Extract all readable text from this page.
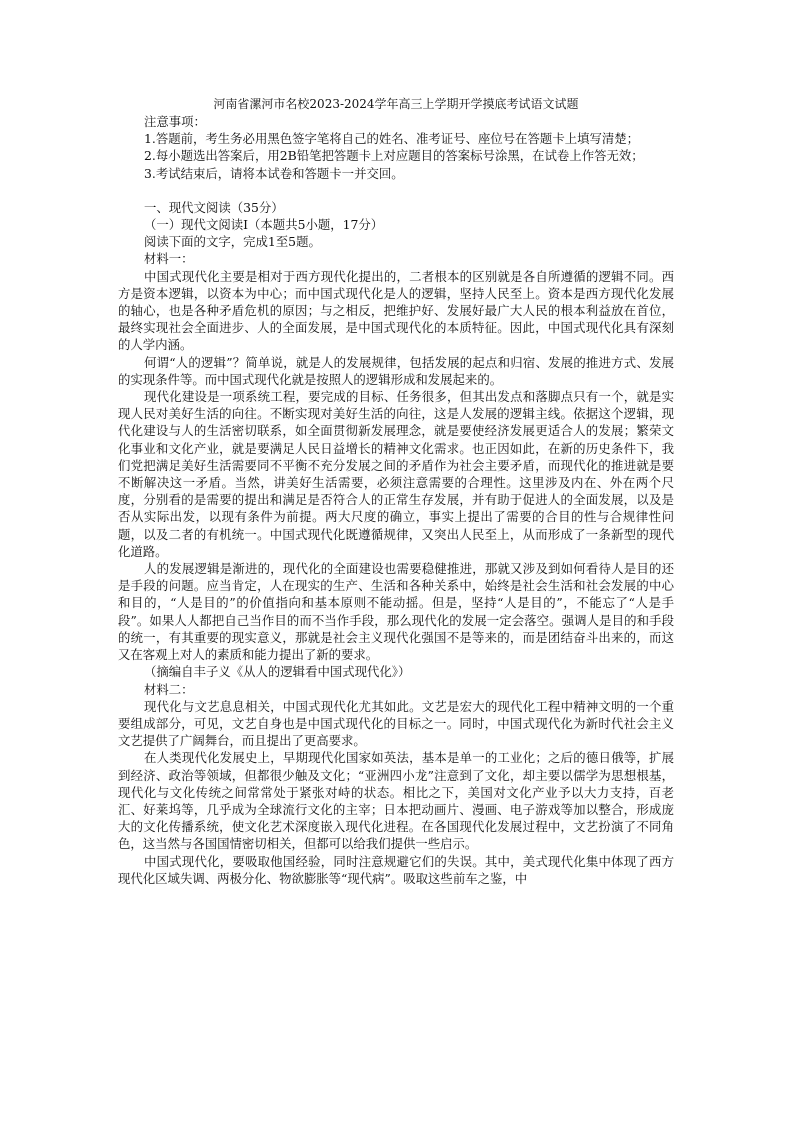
河南省漯河市名校2023-2024学年高三上学期开学摸底考试语文试题

注意事项：

1.答题前，考生务必用黑色签字笔将自己的姓名、准考证号、座位号在答题卡上填写清楚；

2.每小题选出答案后，用2B铅笔把答题卡上对应题目的答案标号涂黑，在试卷上作答无效；

3.考试结束后，请将本试卷和答题卡一并交回。

一、现代文阅读（35分）

（一）现代文阅读Ⅰ（本题共5小题，17分）

阅读下面的文字，完成1至5题。

材料一：

中国式现代化主要是相对于西方现代化提出的，二者根本的区别就是各自所遵循的逻辑不同。西方是资本逻辑，以资本为中心；而中国式现代化是人的逻辑，坚持人民至上。资本是西方现代化发展的轴心，也是各种矛盾危机的原因；与之相反，把维护好、发展好最广大人民的根本利益放在首位，最终实现社会全面进步、人的全面发展，是中国式现代化的本质特征。因此，中国式现代化具有深刻的人学内涵。

何谓“人的逻辑”？简单说，就是人的发展规律，包括发展的起点和归宿、发展的推进方式、发展的实现条件等。而中国式现代化就是按照人的逻辑形成和发展起来的。

现代化建设是一项系统工程，要完成的目标、任务很多，但其出发点和落脚点只有一个，就是实现人民对美好生活的向往。不断实现对美好生活的向往，这是人发展的逻辑主线。依据这个逻辑，现代化建设与人的生活密切联系，如全面贯彻新发展理念，就是要使经济发展更适合人的发展；繁荣文化事业和文化产业，就是要满足人民日益增长的精神文化需求。也正因如此，在新的历史条件下，我们党把满足美好生活需要同不平衡不充分发展之间的矛盾作为社会主要矛盾，而现代化的推进就是要不断解决这一矛盾。当然，讲美好生活需要，必须注意需要的合理性。这里涉及内在、外在两个尺度，分别看的是需要的提出和满足是否符合人的正常生存发展，并有助于促进人的全面发展，以及是否从实际出发，以现有条件为前提。两大尺度的确立，事实上提出了需要的合目的性与合规律性问题，以及二者的有机统一。中国式现代化既遵循规律，又突出人民至上，从而形成了一条新型的现代化道路。

人的发展逻辑是渐进的，现代化的全面建设也需要稳健推进，那就又涉及到如何看待人是目的还是手段的问题。应当肯定，人在现实的生产、生活和各种关系中，始终是社会生活和社会发展的中心和目的，“人是目的”的价值指向和基本原则不能动摇。但是，坚持“人是目的”，不能忘了“人是手段”。如果人人都把自己当作目的而不当作手段，那么现代化的发展一定会落空。强调人是目的和手段的统一，有其重要的现实意义，那就是社会主义现代化强国不是等来的，而是团结奋斗出来的，而这又在客观上对人的素质和能力提出了新的要求。

（摘编自丰子义《从人的逻辑看中国式现代化》）

材料二：

现代化与文艺息息相关，中国式现代化尤其如此。文艺是宏大的现代化工程中精神文明的一个重要组成部分，可见，文艺自身也是中国式现代化的目标之一。同时，中国式现代化为新时代社会主义文艺提供了广阔舞台，而且提出了更高要求。

在人类现代化发展史上，早期现代化国家如英法，基本是单一的工业化；之后的德日俄等，扩展到经济、政治等领域，但都很少触及文化；“亚洲四小龙”注意到了文化，却主要以儒学为思想根基，现代化与文化传统之间常常处于紧张对峙的状态。相比之下，美国对文化产业予以大力支持，百老汇、好莱坞等，几乎成为全球流行文化的主宰；日本把动画片、漫画、电子游戏等加以整合，形成庞大的文化传播系统，使文化艺术深度嵌入现代化进程。在各国现代化发展过程中，文艺扮演了不同角色，这当然与各国国情密切相关，但都可以给我们提供一些启示。

中国式现代化，要吸取他国经验，同时注意规避它们的失误。其中，美式现代化集中体现了西方现代化区域失调、两极分化、物欲膨胀等“现代病”。吸取这些前车之鉴，中
